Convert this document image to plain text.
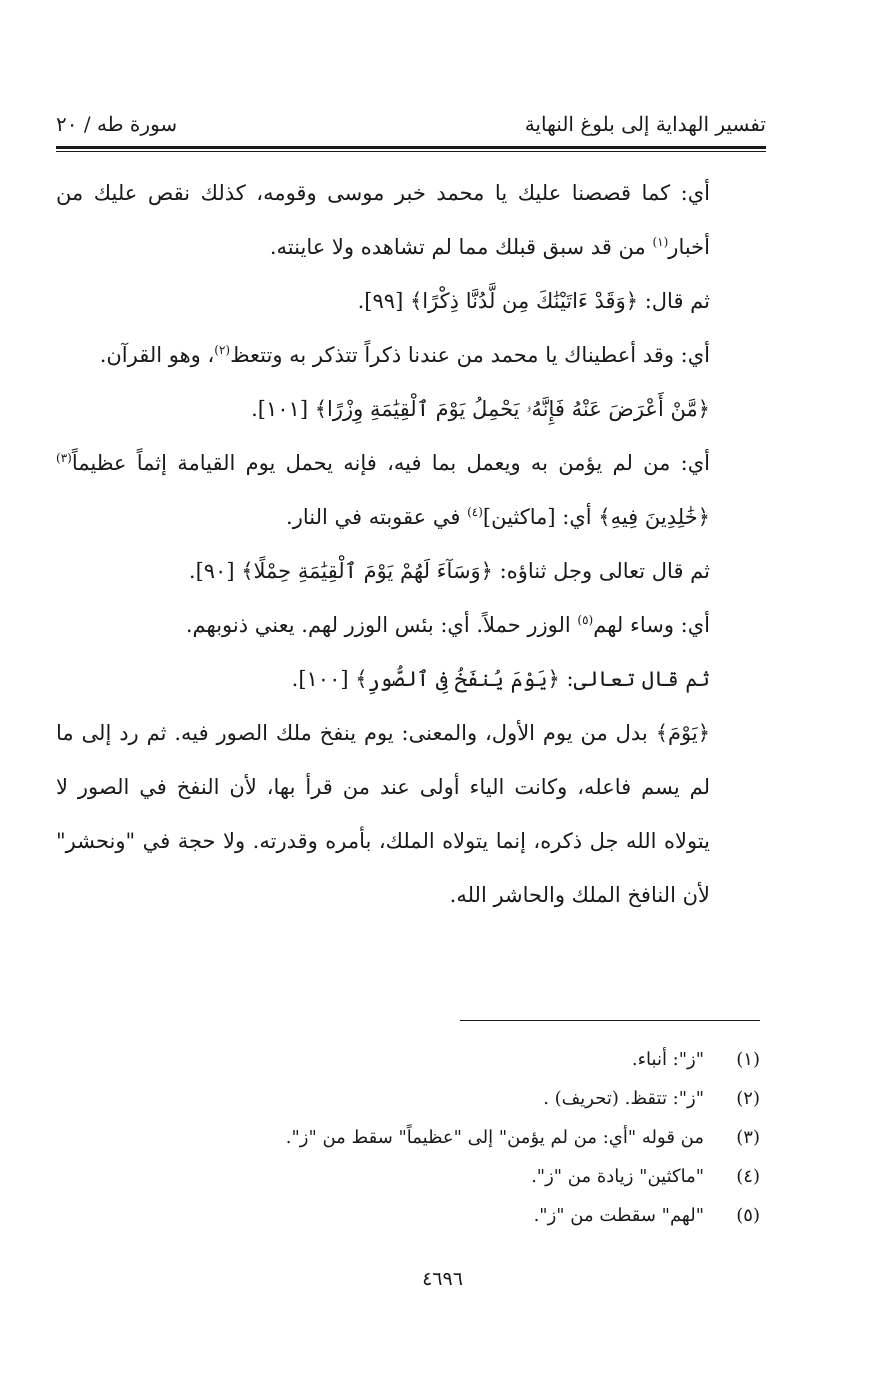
تفسير الهداية إلى بلوغ النهاية
سورة طه / ٢٠

أي: كما قصصنا عليك يا محمد خبر موسى وقومه، كذلك نقص عليك من أخبار$^{(١)}$ من قد سبق قبلك مما لم تشاهده ولا عاينته.

ثم قال: ﴿وَقَدْ ءَاتَيْنَٰكَ مِن لَّدُنَّا ذِكْرًا﴾ [٩٩].

أي: وقد أعطيناك يا محمد من عندنا ذكراً تتذكر به وتتعظ$^{(٢)}$، وهو القرآن.

﴿مَّنْ أَعْرَضَ عَنْهُ فَإِنَّهُۥ يَحْمِلُ يَوْمَ ٱلْقِيَٰمَةِ وِزْرًا﴾ [١٠١].

أي: من لم يؤمن به ويعمل بما فيه، فإنه يحمل يوم القيامة إثماً عظيماً$^{(٣)}$ ﴿خَٰلِدِينَ فِيهِ﴾ أي: [ماكثين]$^{(٤)}$ في عقوبته في النار.

ثم قال تعالى وجل ثناؤه: ﴿وَسَآءَ لَهُمْ يَوْمَ ٱلْقِيَٰمَةِ حِمْلًا﴾ [٩٠].

أي: وساء لهم$^{(٥)}$ الوزر حملاً. أي: بئس الوزر لهم. يعني ذنوبهم.

ثم قال تعالى: ﴿يَوْمَ يُنفَخُ فِى ٱلصُّورِ﴾ [١٠٠].

﴿يَوْمَ﴾ بدل من يوم الأول، والمعنى: يوم ينفخ ملك الصور فيه. ثم رد إلى ما لم يسم فاعله، وكانت الياء أولى عند من قرأ بها، لأن النفخ في الصور لا يتولاه الله جل ذكره، إنما يتولاه الملك، بأمره وقدرته. ولا حجة في "ونحشر" لأن النافخ الملك والحاشر الله.

(١)"ز": أنباء.
(٢)"ز": تتقظ. (تحريف) .
(٣)من قوله "أي: من لم يؤمن" إلى "عظيماً" سقط من "ز".
(٤)"ماكثين" زيادة من "ز".
(٥)"لهم" سقطت من "ز".
٤٦٩٦
